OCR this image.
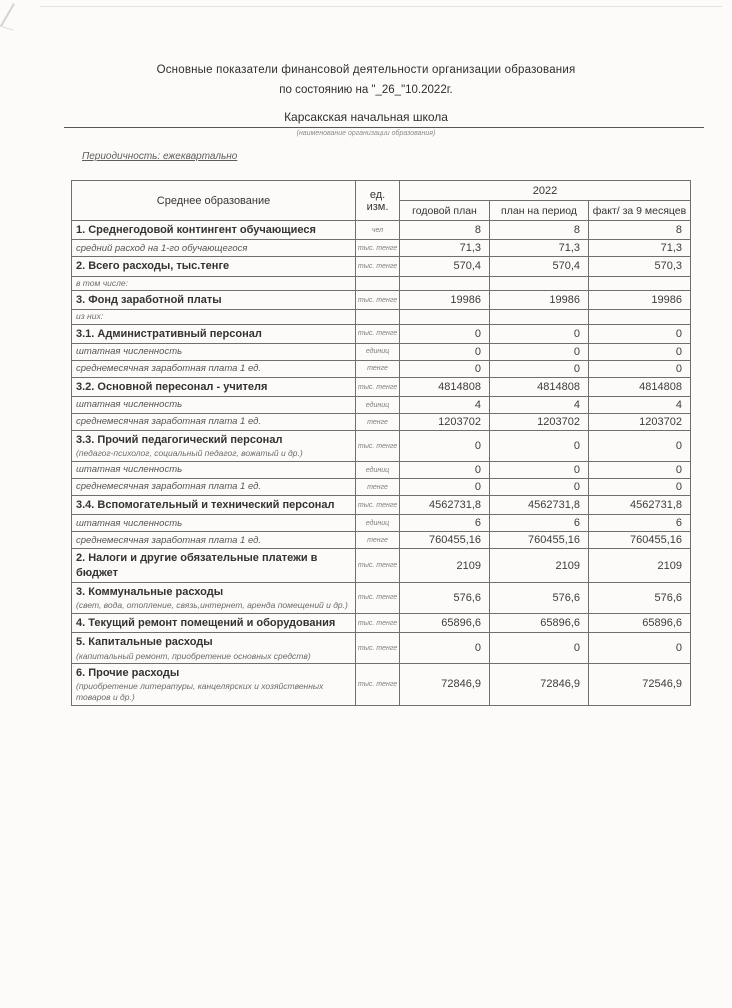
Основные показатели финансовой деятельности организации образования
по состоянию на "_26_"10.2022г.
Карсакская начальная школа
(наименование организации образования)
Периодичность: ежеквартально
Среднее образование	ед. изм.	2022		
		годовой план	план на период	факт/ за 9 месяцев

1. Среднегодовой контингент обучающиеся	чел	8	8	8

средний расход на 1-го обучающегося	тыс. тенге	71,3	71,3	71,3

2. Всего расходы, тыс.тенге	тыс. тенге	570,4	570,4	570,3

в том числе:				

3. Фонд заработной платы	тыс. тенге	19986	19986	19986

из них:				

3.1. Административный персонал	тыс. тенге	0	0	0

штатная численность	единиц	0	0	0

среднемесячная заработная плата 1 ед.	тенге	0	0	0

3.2. Основной пересонал - учителя	тыс. тенге	4814808	4814808	4814808

штатная численность	единиц	4	4	4

среднемесячная заработная плата 1 ед.	тенге	1203702	1203702	1203702

3.3. Прочий педагогический персонал
(педагог-психолог, социальный педагог, вожатый и др.)	тыс. тенге	0	0	0

штатная численность	единиц	0	0	0

среднемесячная заработная плата 1 ед.	тенге	0	0	0

3.4. Вспомогательный и технический персонал	тыс. тенге	4562731,8	4562731,8	4562731,8

штатная численность	единиц	6	6	6

среднемесячная заработная плата 1 ед.	тенге	760455,16	760455,16	760455,16

2. Налоги и другие обязательные платежи в бюджет	тыс. тенге	2109	2109	2109

3. Коммунальные расходы
(свет, вода, отопление, связь,интернет, аренда помещений и др.)	тыс. тенге	576,6	576,6	576,6

4. Текущий ремонт помещений и оборудования	тыс. тенге	65896,6	65896,6	65896,6

5. Капитальные расходы
(капитальный ремонт, приобретение основных средств)	тыс. тенге	0	0	0

6. Прочие расходы
(приобретение литературы, канцелярских и хозяйственных товаров и др.)	тыс. тенге	72846,9	72846,9	72546,9
